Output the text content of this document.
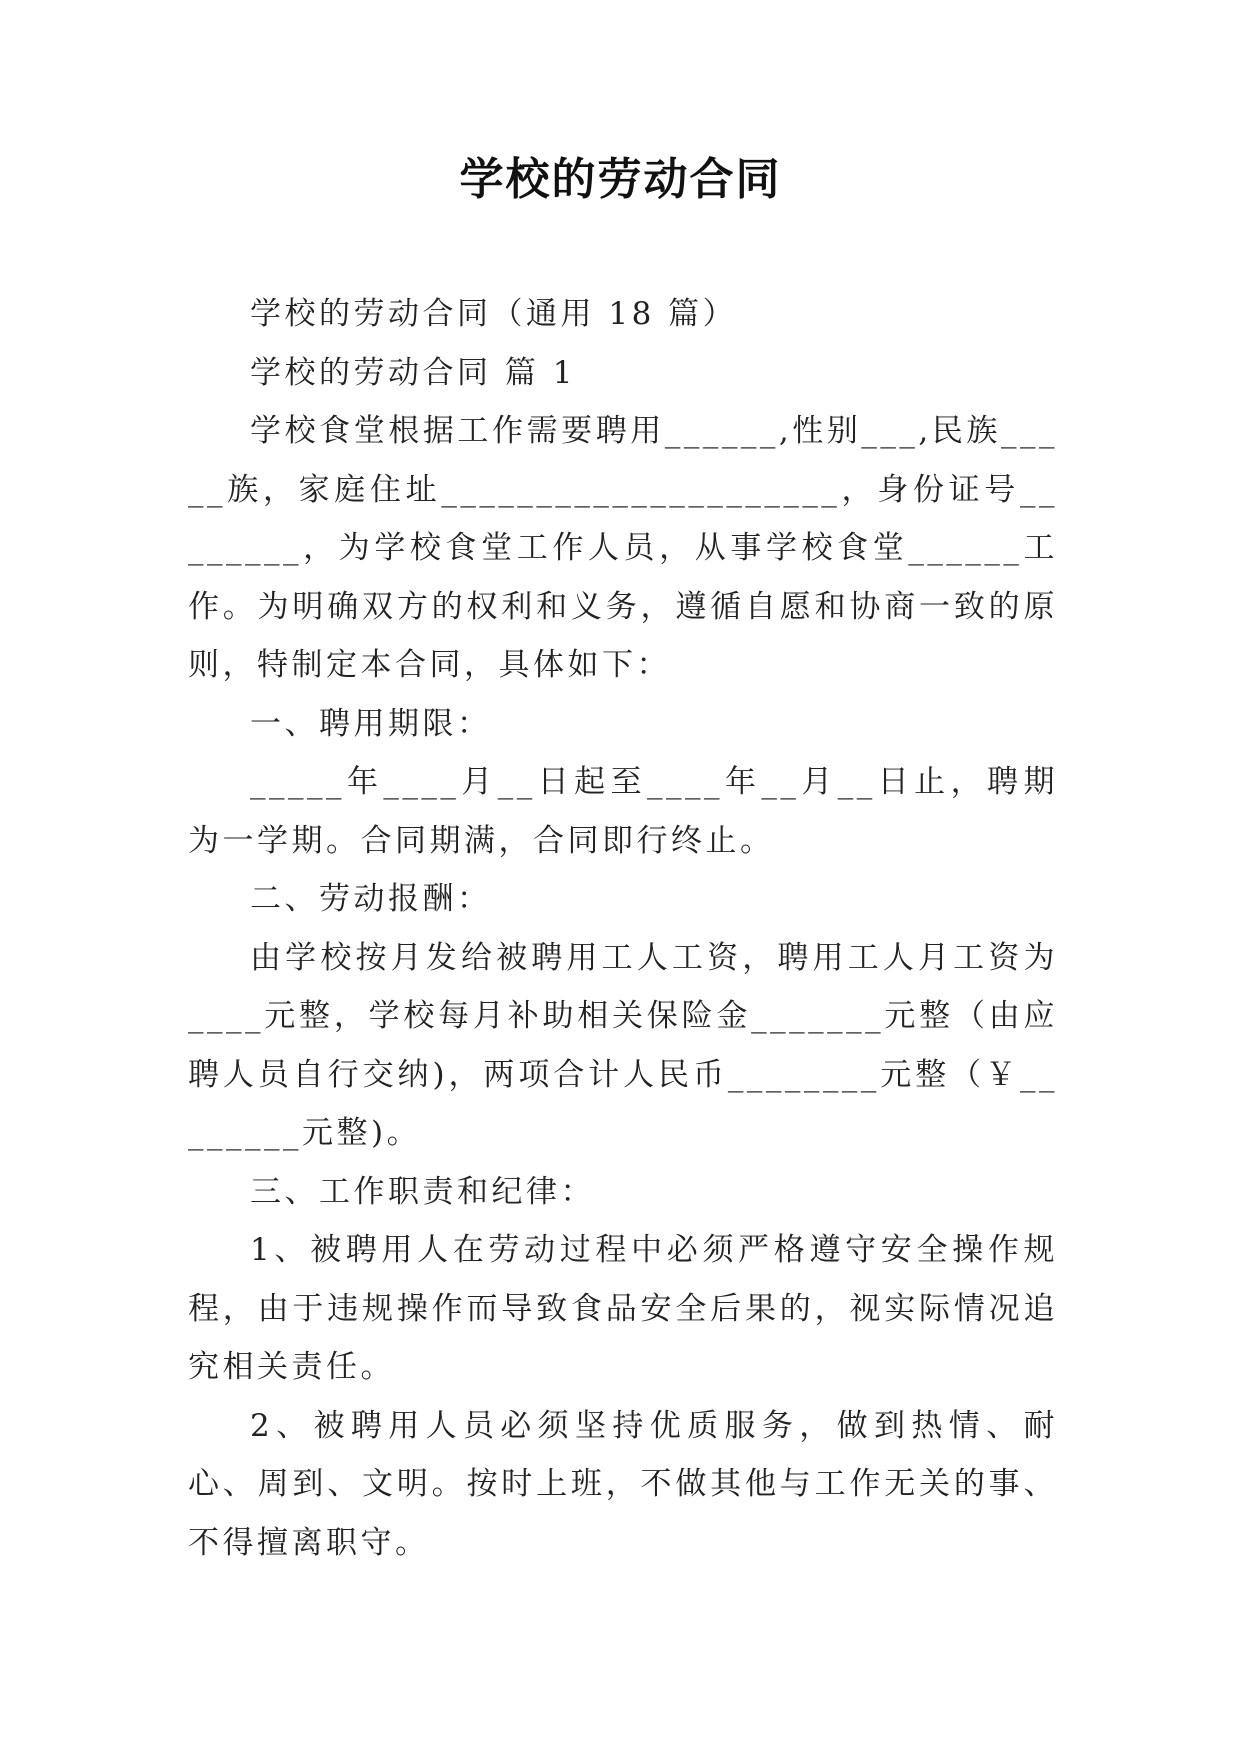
学校的劳动合同

学校的劳动合同（通用 18 篇）

学校的劳动合同 篇 1

学校食堂根据工作需要聘用______,性别___,民族_____族，家庭住址_____________________，身份证号________，为学校食堂工作人员，从事学校食堂______工作。为明确双方的权利和义务，遵循自愿和协商一致的原则，特制定本合同，具体如下：

一、聘用期限：

_____年____月__日起至____年__月__日止，聘期为一学期。合同期满，合同即行终止。

二、劳动报酬：

由学校按月发给被聘用工人工资，聘用工人月工资为____元整，学校每月补助相关保险金_______元整（由应聘人员自行交纳)，两项合计人民币________元整（￥________元整)。

三、工作职责和纪律：

1、被聘用人在劳动过程中必须严格遵守安全操作规程，由于违规操作而导致食品安全后果的，视实际情况追究相关责任。

2、被聘用人员必须坚持优质服务，做到热情、耐心、周到、文明。按时上班，不做其他与工作无关的事、不得擅离职守。
